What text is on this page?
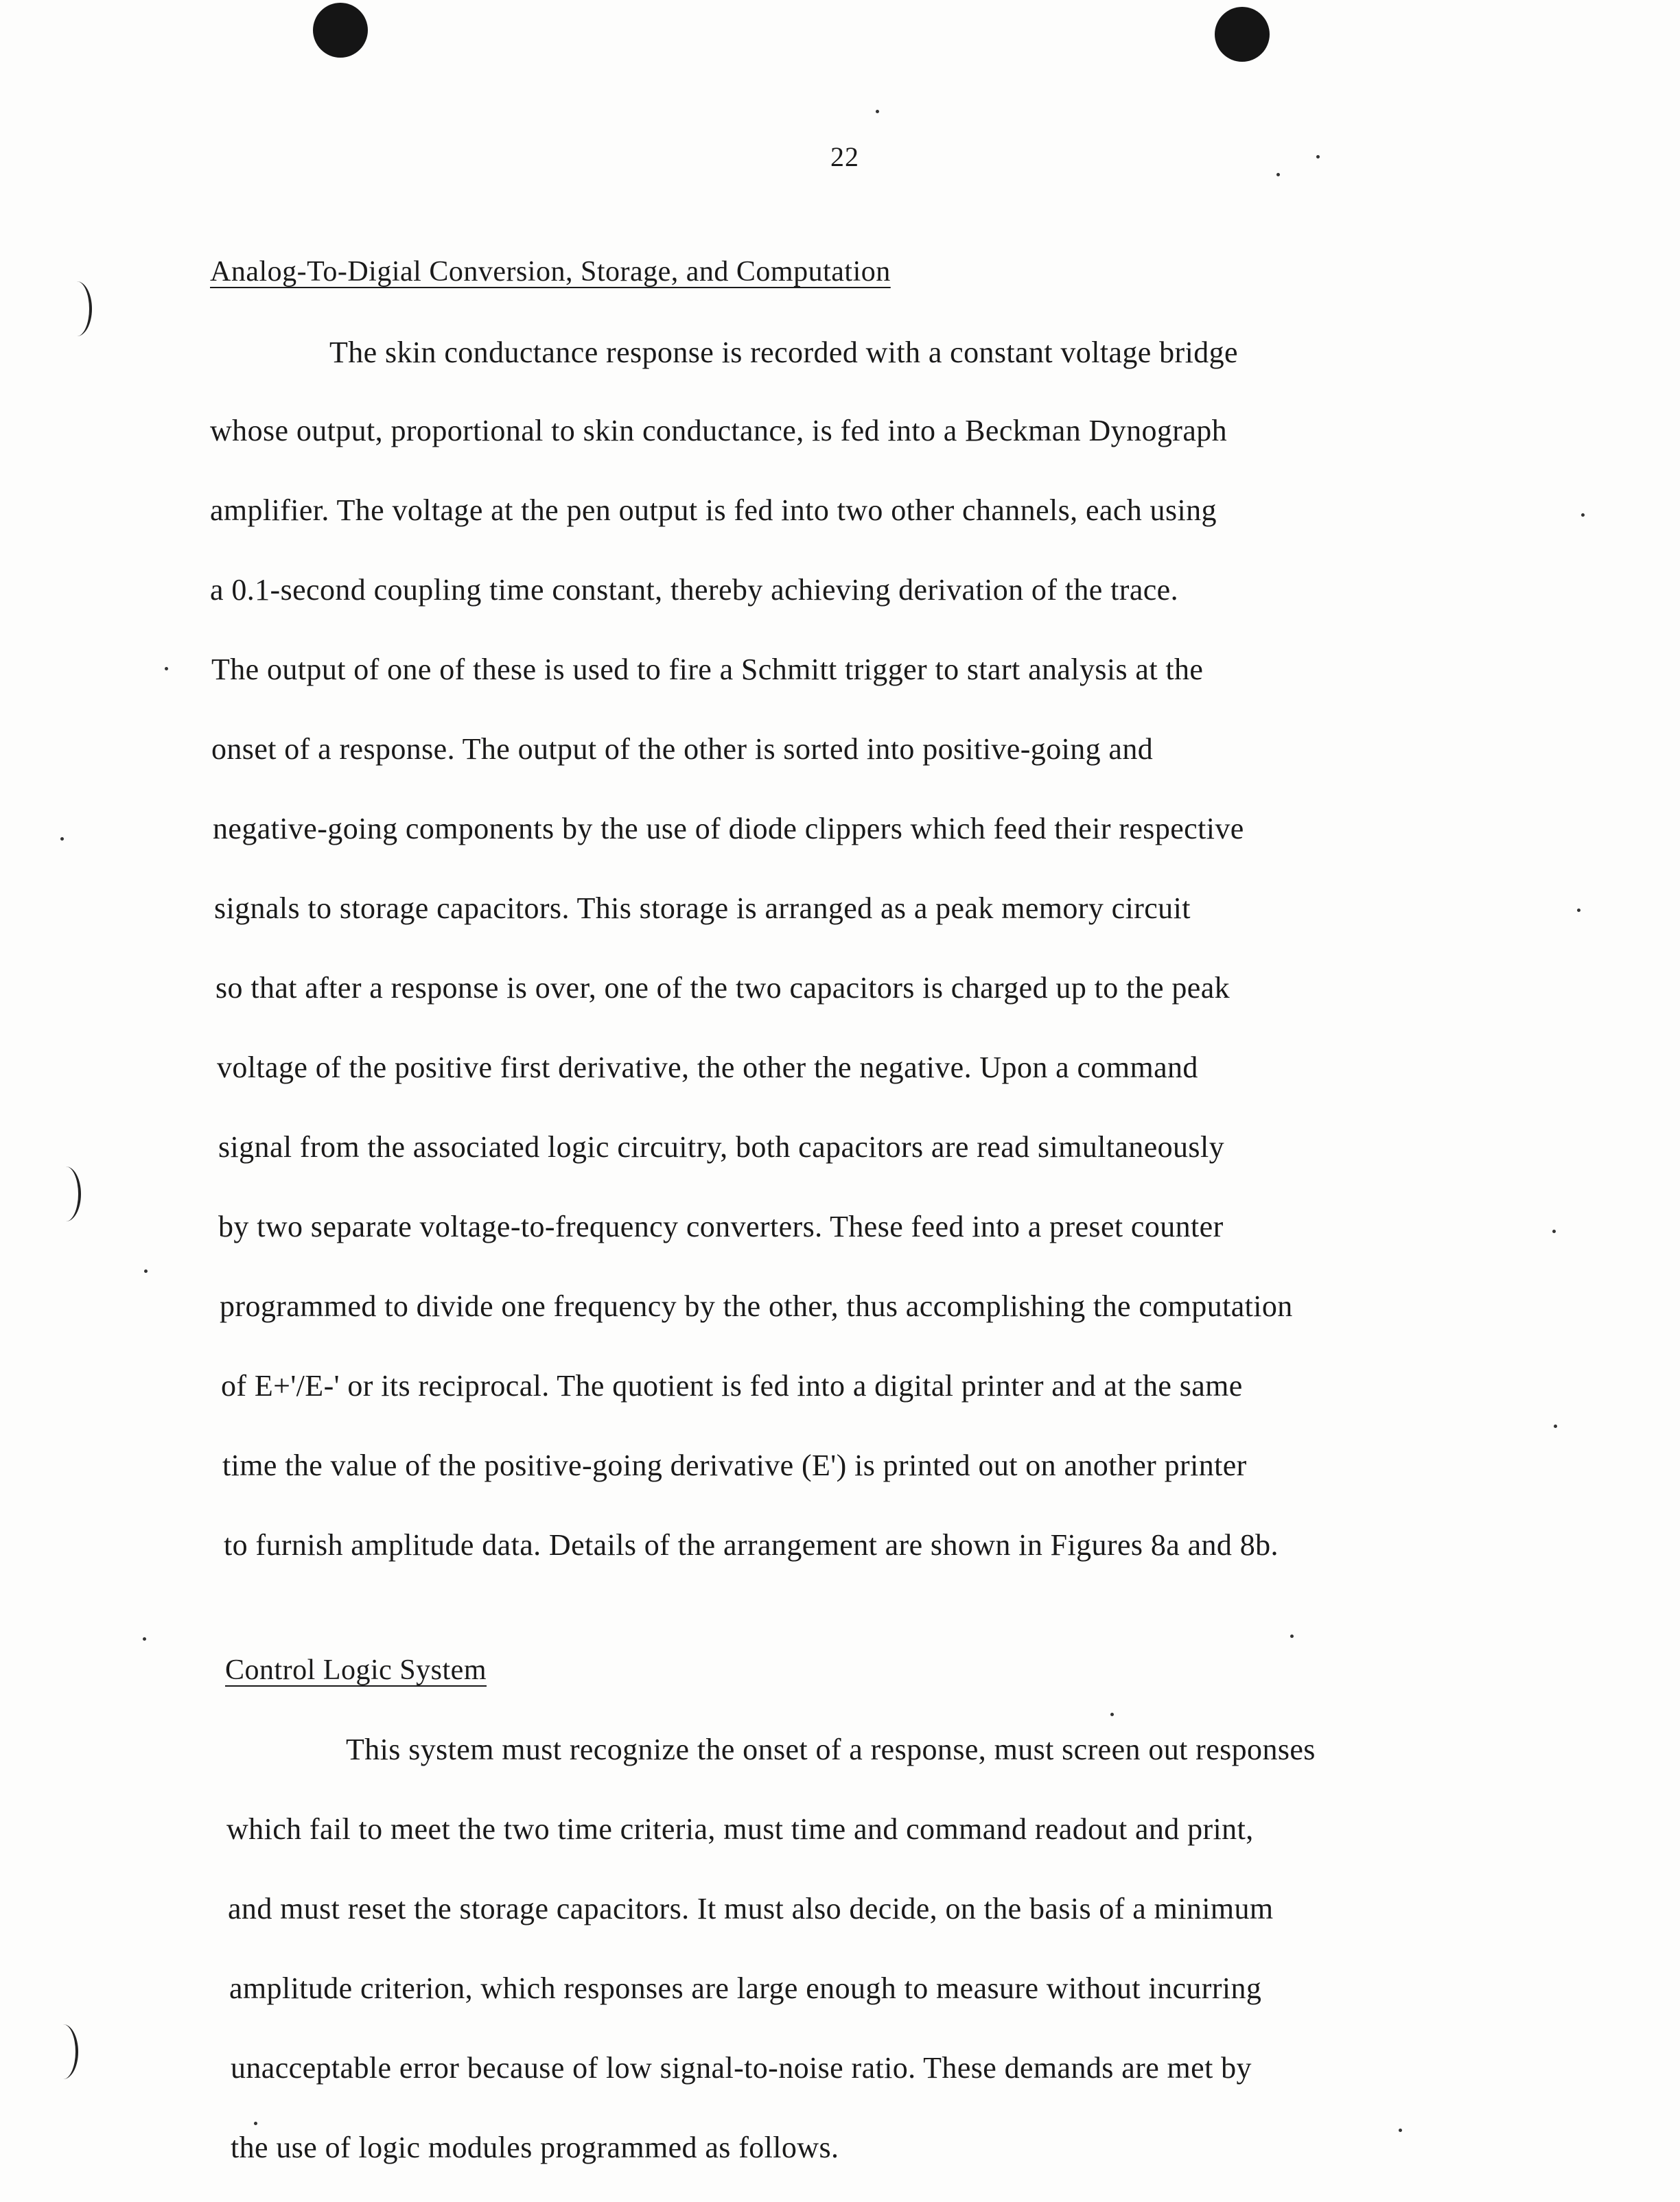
22
Analog-To-Digial Conversion, Storage, and Computation
The skin conductance response is recorded with a constant voltage bridge
whose output, proportional to skin conductance, is fed into a Beckman Dynograph
amplifier. The voltage at the pen output is fed into two other channels, each using
a 0.1-second coupling time constant, thereby achieving derivation of the trace.
The output of one of these is used to fire a Schmitt trigger to start analysis at the
onset of a response. The output of the other is sorted into positive-going and
negative-going components by the use of diode clippers which feed their respective
signals to storage capacitors. This storage is arranged as a peak memory circuit
so that after a response is over, one of the two capacitors is charged up to the peak
voltage of the positive first derivative, the other the negative. Upon a command
signal from the associated logic circuitry, both capacitors are read simultaneously
by two separate voltage-to-frequency converters. These feed into a preset counter
programmed to divide one frequency by the other, thus accomplishing the computation
of E+'/E-' or its reciprocal. The quotient is fed into a digital printer and at the same
time the value of the positive-going derivative (E') is printed out on another printer
to furnish amplitude data. Details of the arrangement are shown in Figures 8a and 8b.
Control Logic System
This system must recognize the onset of a response, must screen out responses
which fail to meet the two time criteria, must time and command readout and print,
and must reset the storage capacitors. It must also decide, on the basis of a minimum
amplitude criterion, which responses are large enough to measure without incurring
unacceptable error because of low signal-to-noise ratio. These demands are met by
the use of logic modules programmed as follows.
